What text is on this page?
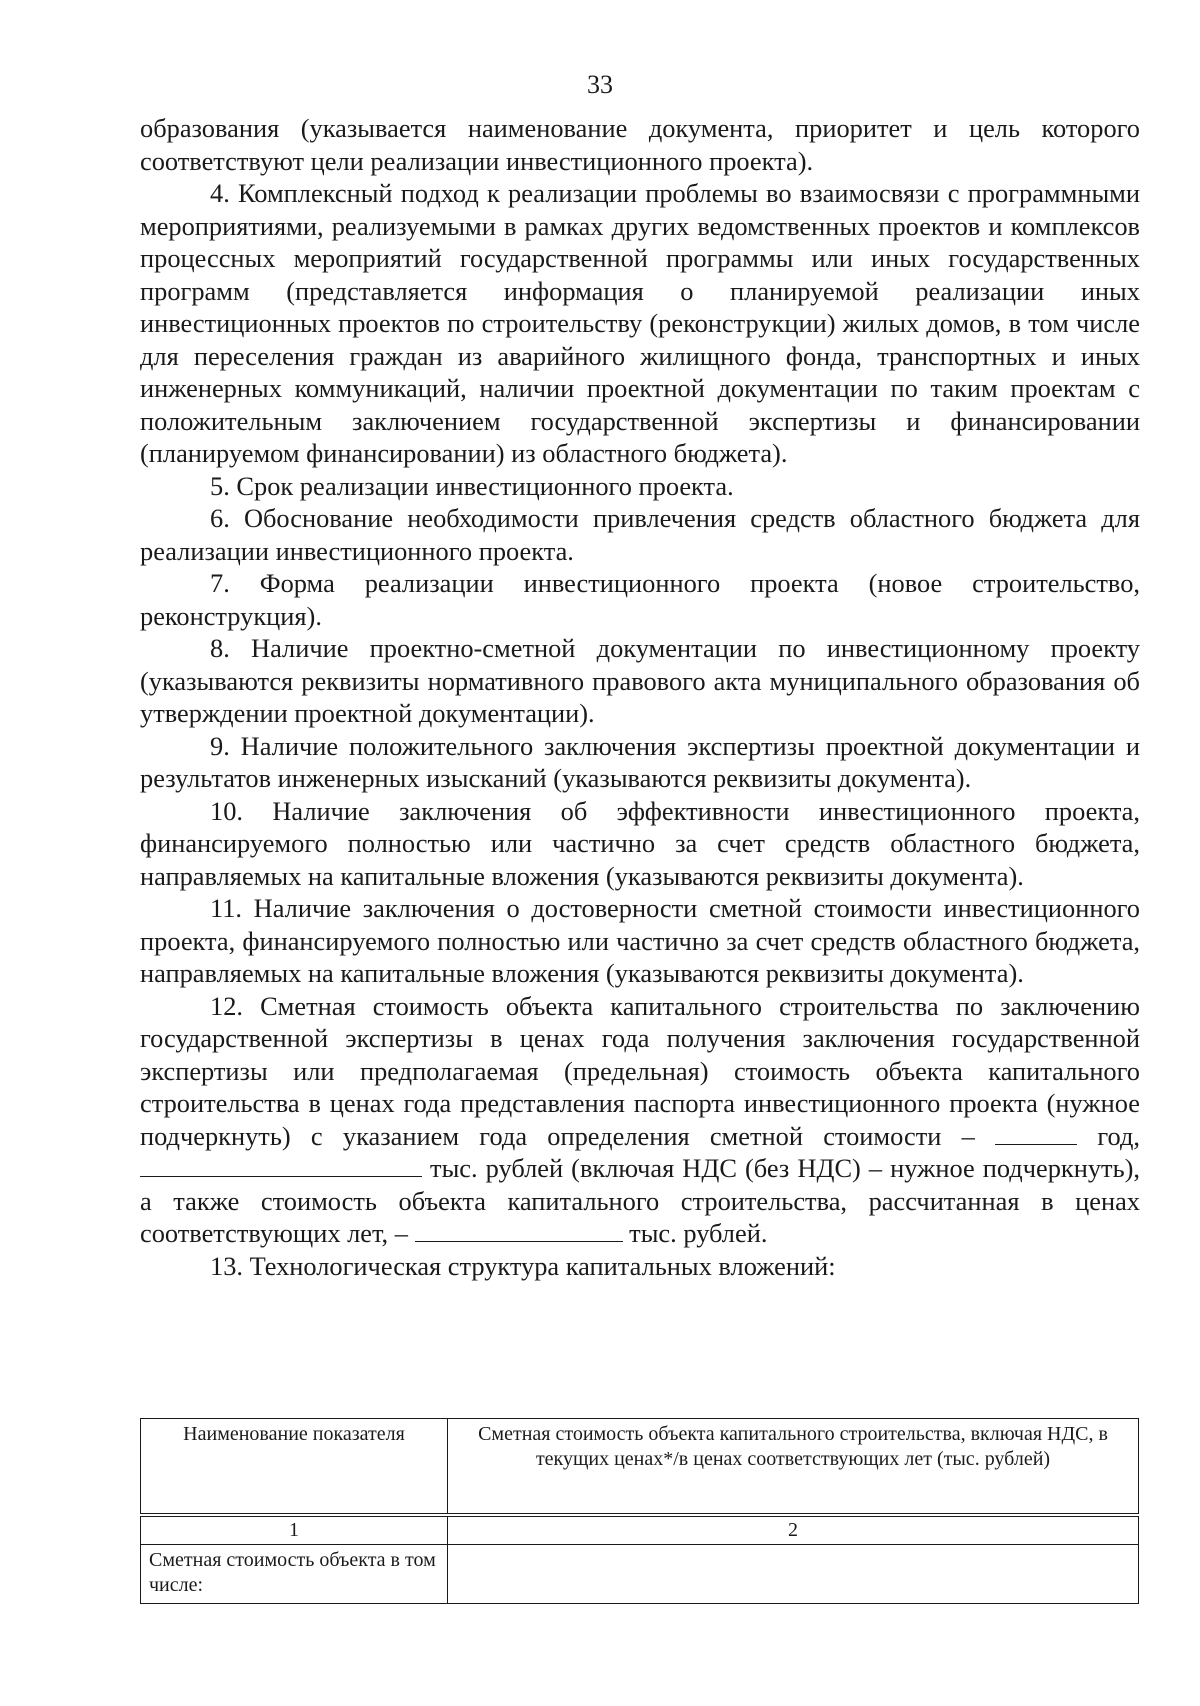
33

образования (указывается наименование документа, приоритет и цель которого соответствуют цели реализации инвестиционного проекта).

4. Комплексный подход к реализации проблемы во взаимосвязи с программными мероприятиями, реализуемыми в рамках других ведомственных проектов и комплексов процессных мероприятий государственной программы или иных государственных программ (представляется информация о планируемой реализации иных инвестиционных проектов по строительству (реконструкции) жилых домов, в том числе для переселения граждан из аварийного жилищного фонда, транспортных и иных инженерных коммуникаций, наличии проектной документации по таким проектам с положительным заключением государственной экспертизы и финансировании (планируемом финансировании) из областного бюджета).

5. Срок реализации инвестиционного проекта.

6. Обоснование необходимости привлечения средств областного бюджета для реализации инвестиционного проекта.

7. Форма реализации инвестиционного проекта (новое строительство, реконструкция).

8. Наличие проектно-сметной документации по инвестиционному проекту (указываются реквизиты нормативного правового акта муниципального образования об утверждении проектной документации).

9. Наличие положительного заключения экспертизы проектной документации и результатов инженерных изысканий (указываются реквизиты документа).

10. Наличие заключения об эффективности инвестиционного проекта, финансируемого полностью или частично за счет средств областного бюджета, направляемых на капитальные вложения (указываются реквизиты документа).

11. Наличие заключения о достоверности сметной стоимости инвестиционного проекта, финансируемого полностью или частично за счет средств областного бюджета, направляемых на капитальные вложения (указываются реквизиты документа).

12. Сметная стоимость объекта капитального строительства по заключению государственной экспертизы в ценах года получения заключения государственной экспертизы или предполагаемая (предельная) стоимость объекта капитального строительства в ценах года представления паспорта инвестиционного проекта (нужное подчеркнуть) с указанием года определения сметной стоимости –	год,  тыс. рублей (включая НДС (без НДС) – нужное подчеркнуть), а также стоимость объекта капитального строительства, рассчитанная в ценах соответствующих лет, –	тыс. рублей.

13. Технологическая структура капитальных вложений:

Наименование показателя	Сметная стоимость объекта капитального строительства, включая НДС, в текущих ценах*/в ценах соответствующих лет (тыс. рублей)
1	2
Сметная стоимость объекта в том числе:	
